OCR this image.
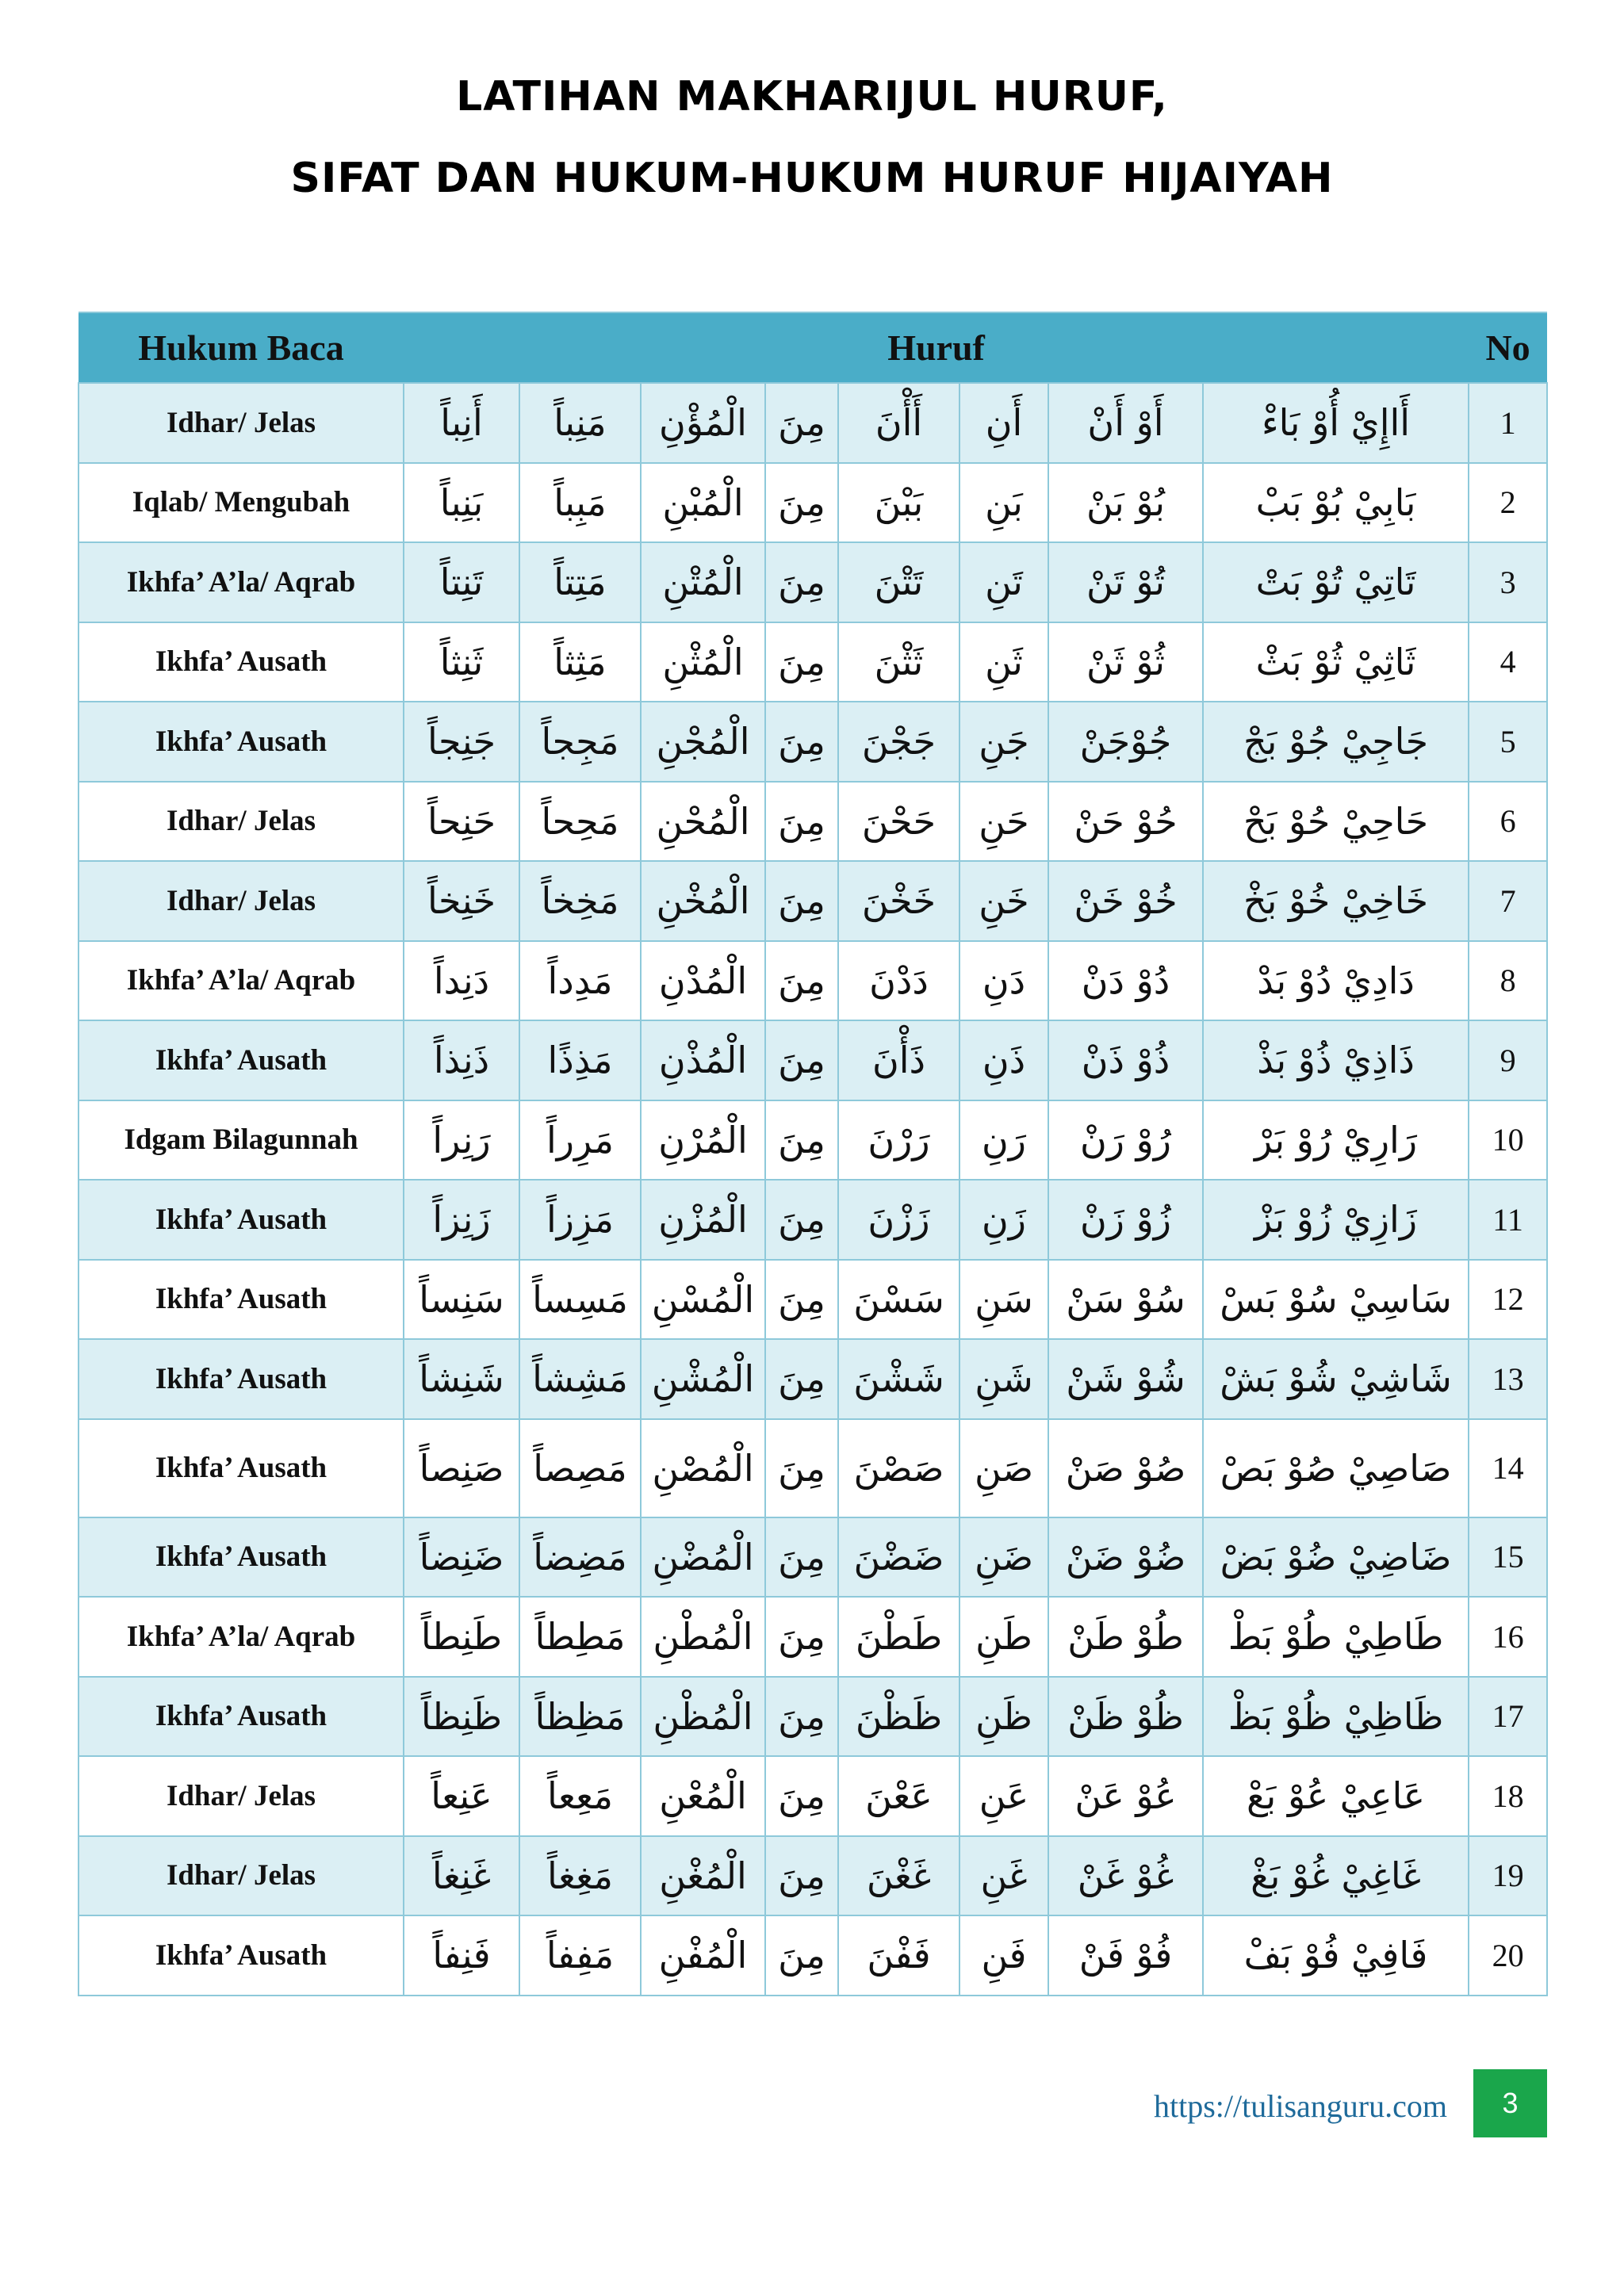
LATIHAN MAKHARIJUL HURUF,
SIFAT DAN HUKUM-HUKUM HURUF HIJAIYAH
Hukum Baca	Huruf								No
Idhar/ Jelas	أَنِباً	مَنِباً	الْمُؤْنِ	مِنَ	أَأْنَ	أَنِ	أَوْ أَنْ	أَاإِيْ أُوْ بَاءْ	1
Iqlab/ Mengubah	بَنِباً	مَبِباً	الْمُبْنِ	مِنَ	بَبْنَ	بَنِ	بُوْ بَنْ	بَابِيْ بُوْ بَبْ	2
Ikhfa’ A’la/ Aqrab	تَنِتاً	مَتِتاً	الْمُتْنِ	مِنَ	تَتْنَ	تَنِ	تُوْ تَنْ	تَاتِيْ تُوْ بَتْ	3
Ikhfa’ Ausath	ثَنِثاً	مَثِثاً	الْمُثْنِ	مِنَ	ثَثْنَ	ثَنِ	ثُوْ ثَنْ	ثَاثِيْ ثُوْ بَثْ	4
Ikhfa’ Ausath	جَنِجاً	مَجِجاً	الْمُجْنِ	مِنَ	جَجْنَ	جَنِ	جُوْجَنْ	جَاجِيْ جُوْ بَجْ	5
Idhar/ Jelas	حَنِحاً	مَحِحاً	الْمُحْنِ	مِنَ	حَحْنَ	حَنِ	حُوْ حَنْ	حَاحِيْ حُوْ بَحْ	6
Idhar/ Jelas	خَنِخاً	مَخِخاً	الْمُخْنِ	مِنَ	خَخْنَ	خَنِ	خُوْ خَنْ	خَاخِيْ خُوْ بَخْ	7
Ikhfa’ A’la/ Aqrab	دَنِداً	مَدِداً	الْمُدْنِ	مِنَ	دَدْنَ	دَنِ	دُوْ دَنْ	دَادِيْ دُوْ بَدْ	8
Ikhfa’ Ausath	ذَنِذاً	مَذِذًا	الْمُذْنِ	مِنَ	ذَأْنَ	ذَنِ	ذُوْ ذَنْ	ذَاذِيْ ذُوْ بَذْ	9
Idgam Bilagunnah	رَنِراً	مَرِراً	الْمُرْنِ	مِنَ	رَرْنَ	رَنِ	رُوْ رَنْ	رَارِيْ رُوْ بَرْ	10
Ikhfa’ Ausath	زَنِزاً	مَزِزاً	الْمُزْنِ	مِنَ	زَزْنَ	زَنِ	زُوْ زَنْ	زَازِيْ زُوْ بَزْ	11
Ikhfa’ Ausath	سَنِساً	مَسِساً	الْمُسْنِ	مِنَ	سَسْنَ	سَنِ	سُوْ سَنْ	سَاسِيْ سُوْ بَسْ	12
Ikhfa’ Ausath	شَنِشاً	مَشِشاً	الْمُشْنِ	مِنَ	شَشْنَ	شَنِ	شُوْ شَنْ	شَاشِيْ شُوْ بَشْ	13
Ikhfa’ Ausath	صَنِصاً	مَصِصاً	الْمُصْنِ	مِنَ	صَصْنَ	صَنِ	صُوْ صَنْ	صَاصِيْ صُوْ بَصْ	14
Ikhfa’ Ausath	ضَنِضاً	مَضِضاً	الْمُضْنِ	مِنَ	ضَضْنَ	ضَنِ	ضُوْ ضَنْ	ضَاضِيْ ضُوْ بَضْ	15
Ikhfa’ A’la/ Aqrab	طَنِطاً	مَطِطاً	الْمُطْنِ	مِنَ	طَطْنَ	طَنِ	طُوْ طَنْ	طَاطِيْ طُوْ بَطْ	16
Ikhfa’ Ausath	ظَنِظاً	مَظِظاً	الْمُظْنِ	مِنَ	ظَظْنَ	ظَنِ	ظُوْ ظَنْ	ظَاظِيْ ظُوْ بَظْ	17
Idhar/ Jelas	عَنِعاً	مَعِعاً	الْمُعْنِ	مِنَ	عَعْنَ	عَنِ	عُوْ عَنْ	عَاعِيْ عُوْ بَعْ	18
Idhar/ Jelas	غَنِغاً	مَغِغاً	الْمُغْنِ	مِنَ	غَغْنَ	غَنِ	غُوْ غَنْ	غَاغِيْ غُوْ بَغْ	19
Ikhfa’ Ausath	فَنِفاً	مَفِفاً	الْمُفْنِ	مِنَ	فَفْنَ	فَنِ	فُوْ فَنْ	فَافِيْ فُوْ بَفْ	20
https://tulisanguru.com	3
